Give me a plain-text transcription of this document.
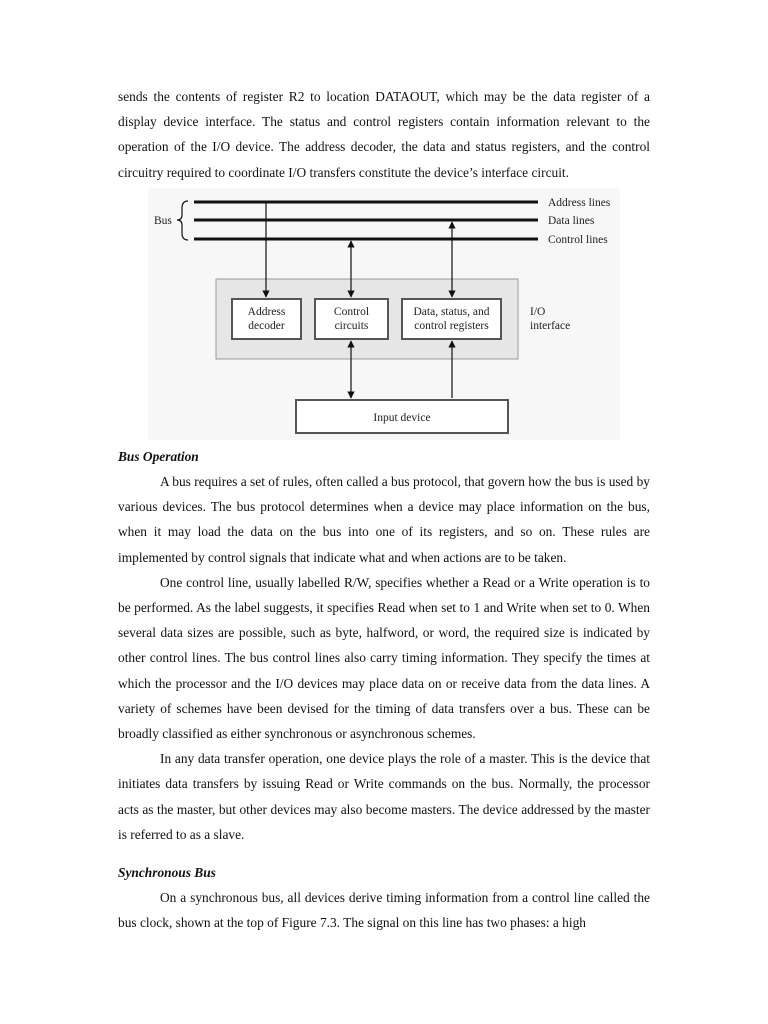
sends the contents of register R2 to location DATAOUT, which may be the data register of a display device interface. The status and control registers contain information relevant to the operation of the I/O device. The address decoder, the data and status registers, and the control circuitry required to coordinate I/O transfers constitute the device’s interface circuit.

Address lines
Data lines
Control lines
Bus
I/O
interface
Address
decoder
Control
circuits
Data, status, and
control registers
Input device
Bus Operation

A bus requires a set of rules, often called a bus protocol, that govern how the bus is used by various devices. The bus protocol determines when a device may place information on the bus, when it may load the data on the bus into one of its registers, and so on. These rules are implemented by control signals that indicate what and when actions are to be taken.

One control line, usually labelled R/W, specifies whether a Read or a Write operation is to be performed. As the label suggests, it specifies Read when set to 1 and Write when set to 0. When several data sizes are possible, such as byte, halfword, or word, the required size is indicated by other control lines. The bus control lines also carry timing information. They specify the times at which the processor and the I/O devices may place data on or receive data from the data lines. A variety of schemes have been devised for the timing of data transfers over a bus. These can be broadly classified as either synchronous or asynchronous schemes.

In any data transfer operation, one device plays the role of a master. This is the device that initiates data transfers by issuing Read or Write commands on the bus. Normally, the processor acts as the master, but other devices may also become masters. The device addressed by the master is referred to as a slave.

Synchronous Bus

On a synchronous bus, all devices derive timing information from a control line called the bus clock, shown at the top of Figure 7.3. The signal on this line has two phases: a high
